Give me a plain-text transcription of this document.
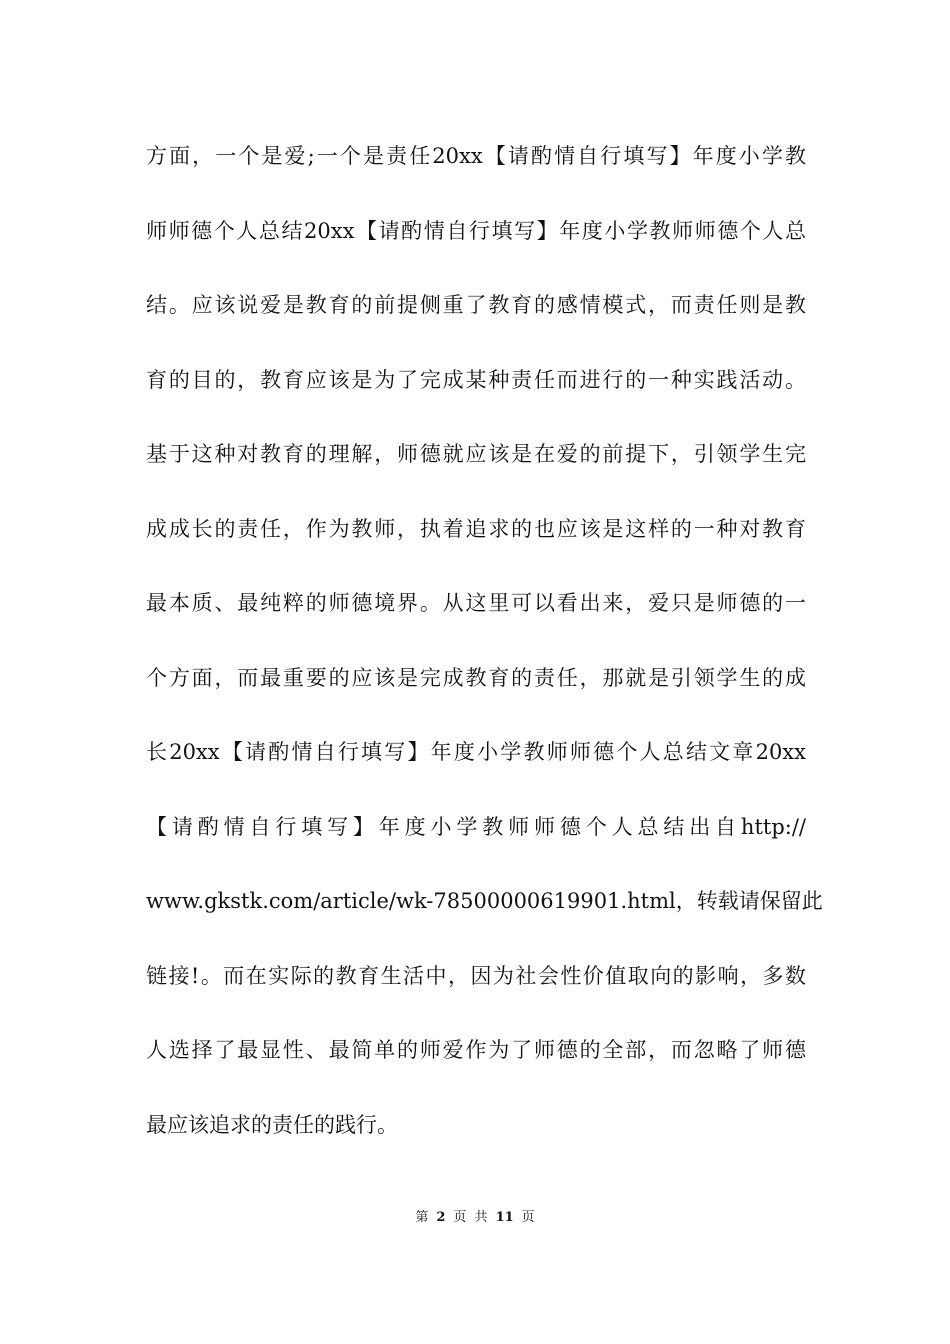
方面，一个是爱;一个是责任20xx【请酌情自行填写】年度小学教
师师德个人总结20xx【请酌情自行填写】年度小学教师师德个人总
结。应该说爱是教育的前提侧重了教育的感情模式，而责任则是教
育的目的，教育应该是为了完成某种责任而进行的一种实践活动。
基于这种对教育的理解，师德就应该是在爱的前提下，引领学生完
成成长的责任，作为教师，执着追求的也应该是这样的一种对教育
最本质、最纯粹的师德境界。从这里可以看出来，爱只是师德的一
个方面，而最重要的应该是完成教育的责任，那就是引领学生的成
长20xx【请酌情自行填写】年度小学教师师德个人总结文章20xx
【请酌情自行填写】年度小学教师师德个人总结出自http://
www.gkstk.com/article/wk-78500000619901.html，转载请保留此
链接!。而在实际的教育生活中，因为社会性价值取向的影响，多数
人选择了最显性、最简单的师爱作为了师德的全部，而忽略了师德
最应该追求的责任的践行。
第 2 页 共 11 页
